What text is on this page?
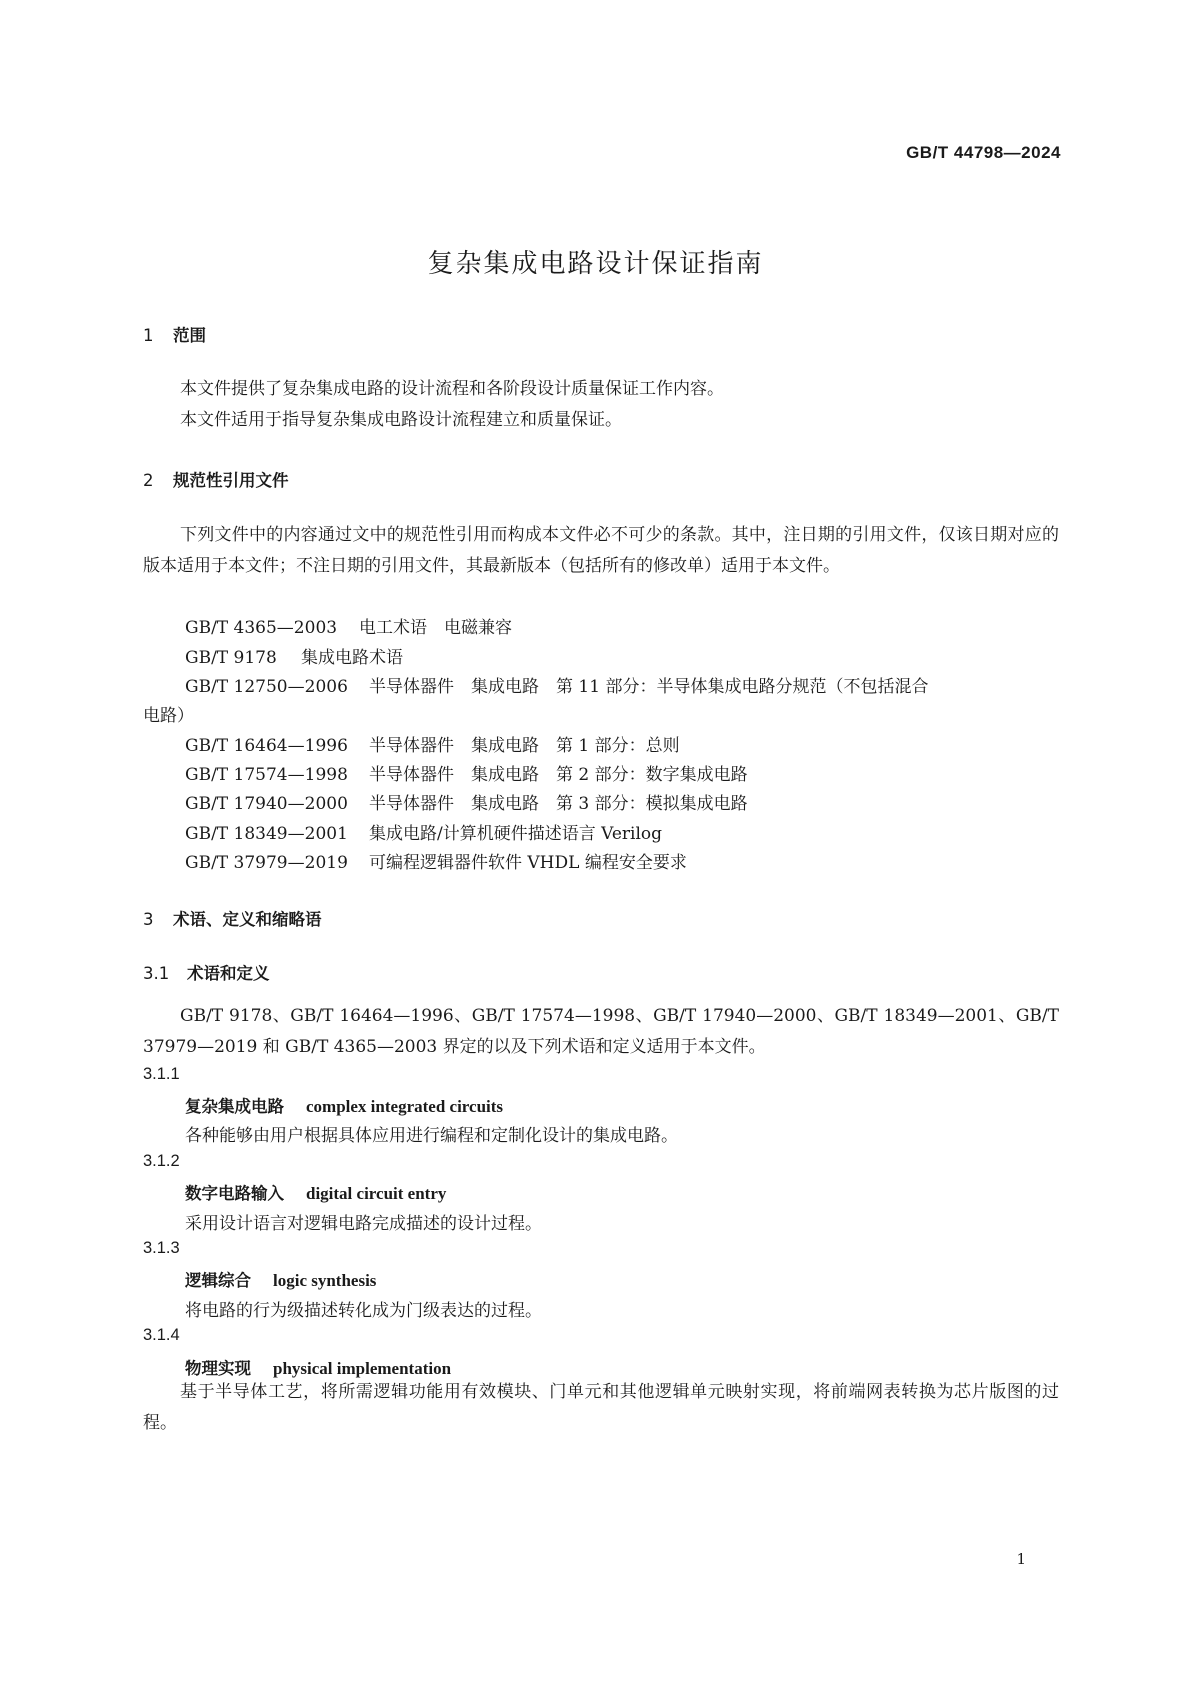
GB/T 44798—2024
复杂集成电路设计保证指南
1 范围
本文件提供了复杂集成电路的设计流程和各阶段设计质量保证工作内容。
本文件适用于指导复杂集成电路设计流程建立和质量保证。
2 规范性引用文件
下列文件中的内容通过文中的规范性引用而构成本文件必不可少的条款。其中，注日期的引用文件，仅该日期对应的版本适用于本文件；不注日期的引用文件，其最新版本（包括所有的修改单）适用于本文件。
GB/T 4365—2003 电工术语　电磁兼容
GB/T 9178 集成电路术语
GB/T 12750—2006 半导体器件　集成电路　第 11 部分：半导体集成电路分规范（不包括混合
电路）
GB/T 16464—1996 半导体器件　集成电路　第 1 部分：总则
GB/T 17574—1998 半导体器件　集成电路　第 2 部分：数字集成电路
GB/T 17940—2000 半导体器件　集成电路　第 3 部分：模拟集成电路
GB/T 18349—2001 集成电路/计算机硬件描述语言 Verilog
GB/T 37979—2019 可编程逻辑器件软件 VHDL 编程安全要求
3 术语、定义和缩略语
3.1 术语和定义
GB/T 9178、GB/T 16464—1996、GB/T 17574—1998、GB/T 17940—2000、GB/T 18349—2001、GB/T 37979—2019 和 GB/T 4365—2003 界定的以及下列术语和定义适用于本文件。
3.1.1
复杂集成电路 complex integrated circuits
各种能够由用户根据具体应用进行编程和定制化设计的集成电路。
3.1.2
数字电路输入 digital circuit entry
采用设计语言对逻辑电路完成描述的设计过程。
3.1.3
逻辑综合 logic synthesis
将电路的行为级描述转化成为门级表达的过程。
3.1.4
物理实现 physical implementation
基于半导体工艺，将所需逻辑功能用有效模块、门单元和其他逻辑单元映射实现，将前端网表转换为芯片版图的过程。
1
